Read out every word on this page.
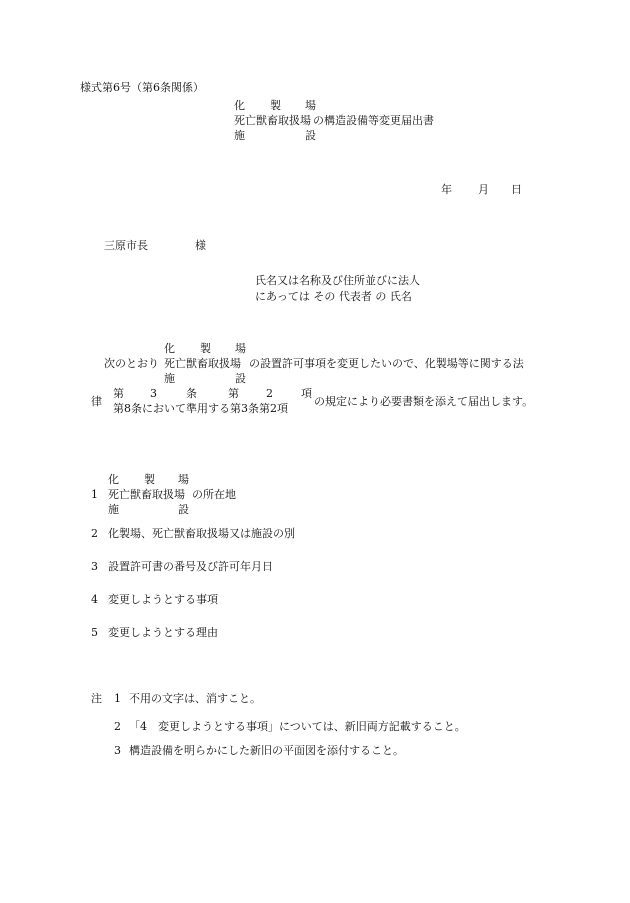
様式第6号（第6条関係）
化 製 場
死亡獣畜取扱場 の構造設備等変更届出書
施	設
年 月 日
三原市長	様
氏名又は名称及び住所並びに法人
にあっては その 代表者 の 氏名
化 製 場
次のとおり 死亡獣畜取扱場 の設置許可事項を変更したいので、化製場等に関する法
施	設
律
第 3	条	第 2	項
第8条において準用する第3条第2項
の規定により必要書類を添えて届出します。
化 製 場
1 死亡獣畜取扱場 の所在地
施	設
2 化製場、死亡獣畜取扱場又は施設の別
3 設置許可書の番号及び許可年月日
4 変更しようとする事項
5 変更しようとする理由
注 1 不用の文字は、消すこと。
2 「4　変更しようとする事項」については、新旧両方記載すること。
3 構造設備を明らかにした新旧の平面図を添付すること。
